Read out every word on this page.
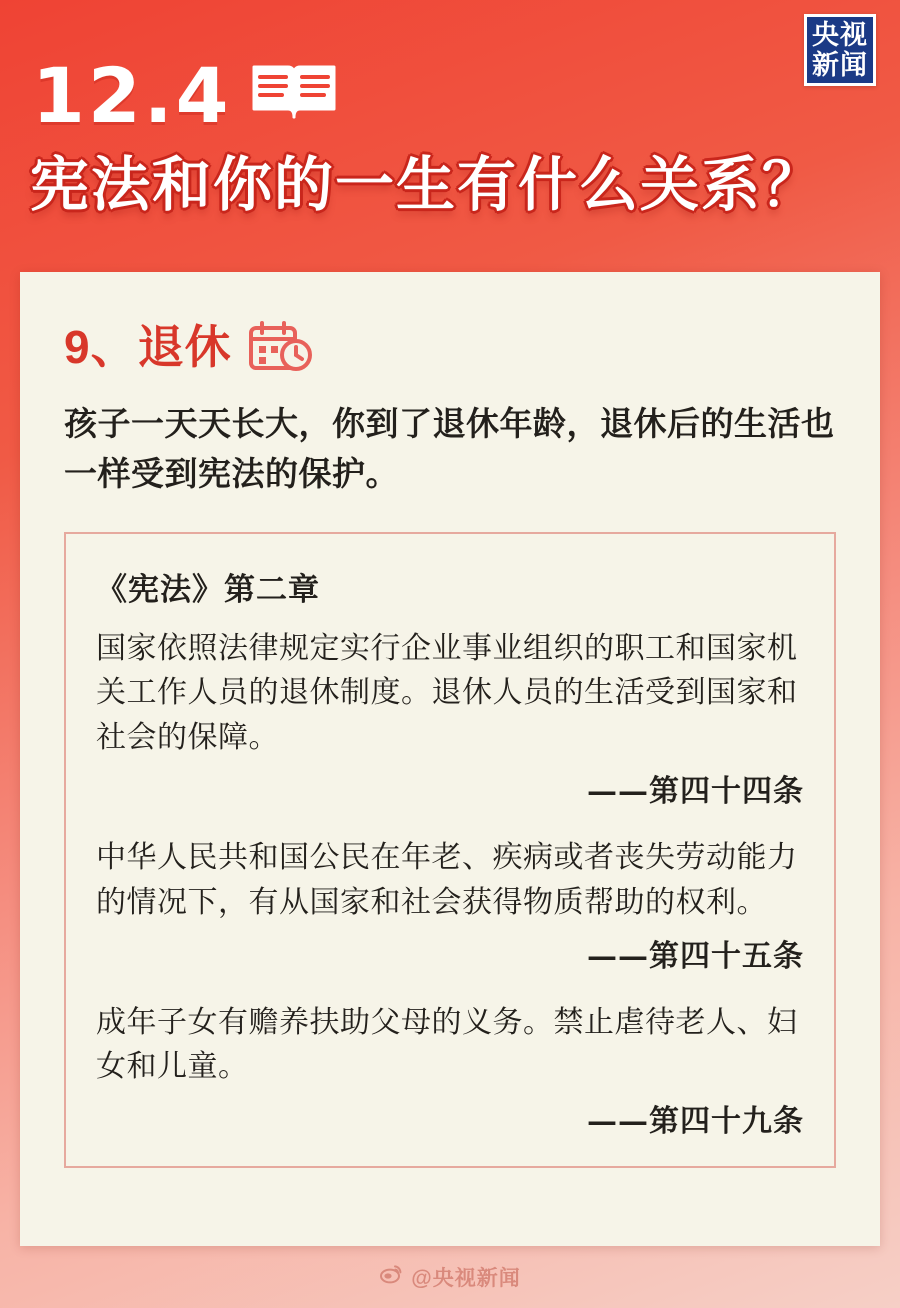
央视
新闻
12.4
宪法和你的一生有什么关系？
9、退休
孩子一天天长大，你到了退休年龄，退休后的生活也一样受到宪法的保护。
《宪法》第二章
国家依照法律规定实行企业事业组织的职工和国家机关工作人员的退休制度。退休人员的生活受到国家和社会的保障。
——第四十四条
中华人民共和国公民在年老、疾病或者丧失劳动能力的情况下，有从国家和社会获得物质帮助的权利。
——第四十五条
成年子女有赡养扶助父母的义务。禁止虐待老人、妇女和儿童。
——第四十九条
@央视新闻
